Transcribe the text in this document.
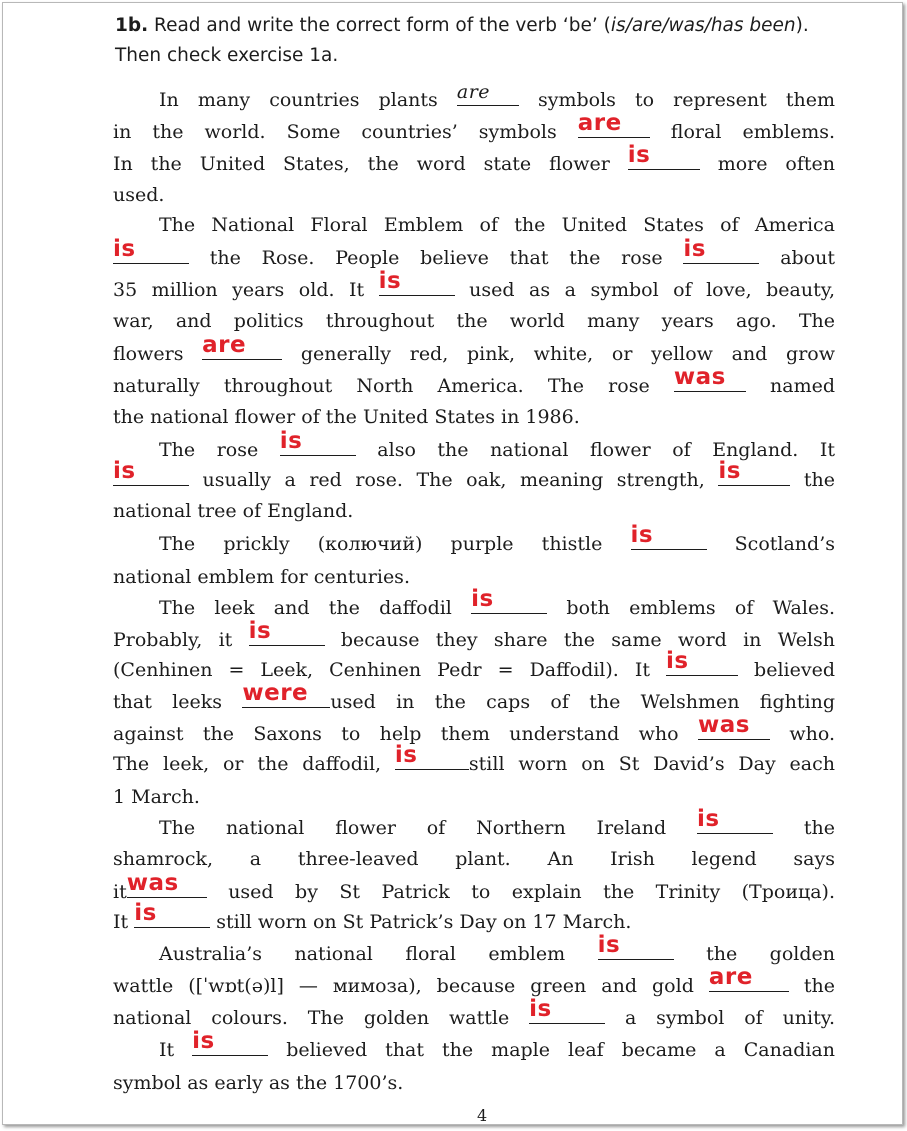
1b. Read and write the correct form of the verb ‘be’ (is/are/was/has been). Then check exercise 1a.
In many countries plants are	symbols to represent them
in the world. Some countries’ symbols are	floral emblems.
In the United States, the word state flower is	more often
used.
The National Floral Emblem of the United States of America
is	the Rose. People believe that the rose is	about
35 million years old. It is	used as a symbol of love, beauty,
war, and politics throughout the world many years ago. The
flowers are	generally red, pink, white, or yellow and grow
naturally throughout North America. The rose was	named
the national flower of the United States in 1986.
The rose is	also the national flower of England. It
is	usually a red rose. The oak, meaning strength, is	the
national tree of England.
The prickly (колючий) purple thistle is	Scotland’s
national emblem for centuries.
The leek and the daffodil is	both emblems of Wales.
Probably, it is	because they share the same word in Welsh
(Cenhinen = Leek, Cenhinen Pedr = Daffodil). It is	believed
that leeks were	used in the caps of the Welshmen fighting
against the Saxons to help them understand who was	who.
The leek, or the daffodil, is	still worn on St David’s Day each
1 March.
The national flower of Northern Ireland is	the
shamrock, a three-leaved plant. An Irish legend says
it was	used by St Patrick to explain the Trinity (Троица).
It is	still worn on St Patrick’s Day on 17 March.
Australia’s national floral emblem is	the golden
wattle ([ˈwɒt(ə)l] — мимоза), because green and gold are	the
national colours. The golden wattle is	a symbol of unity.
It is	believed that the maple leaf became a Canadian
symbol as early as the 1700’s.
4
